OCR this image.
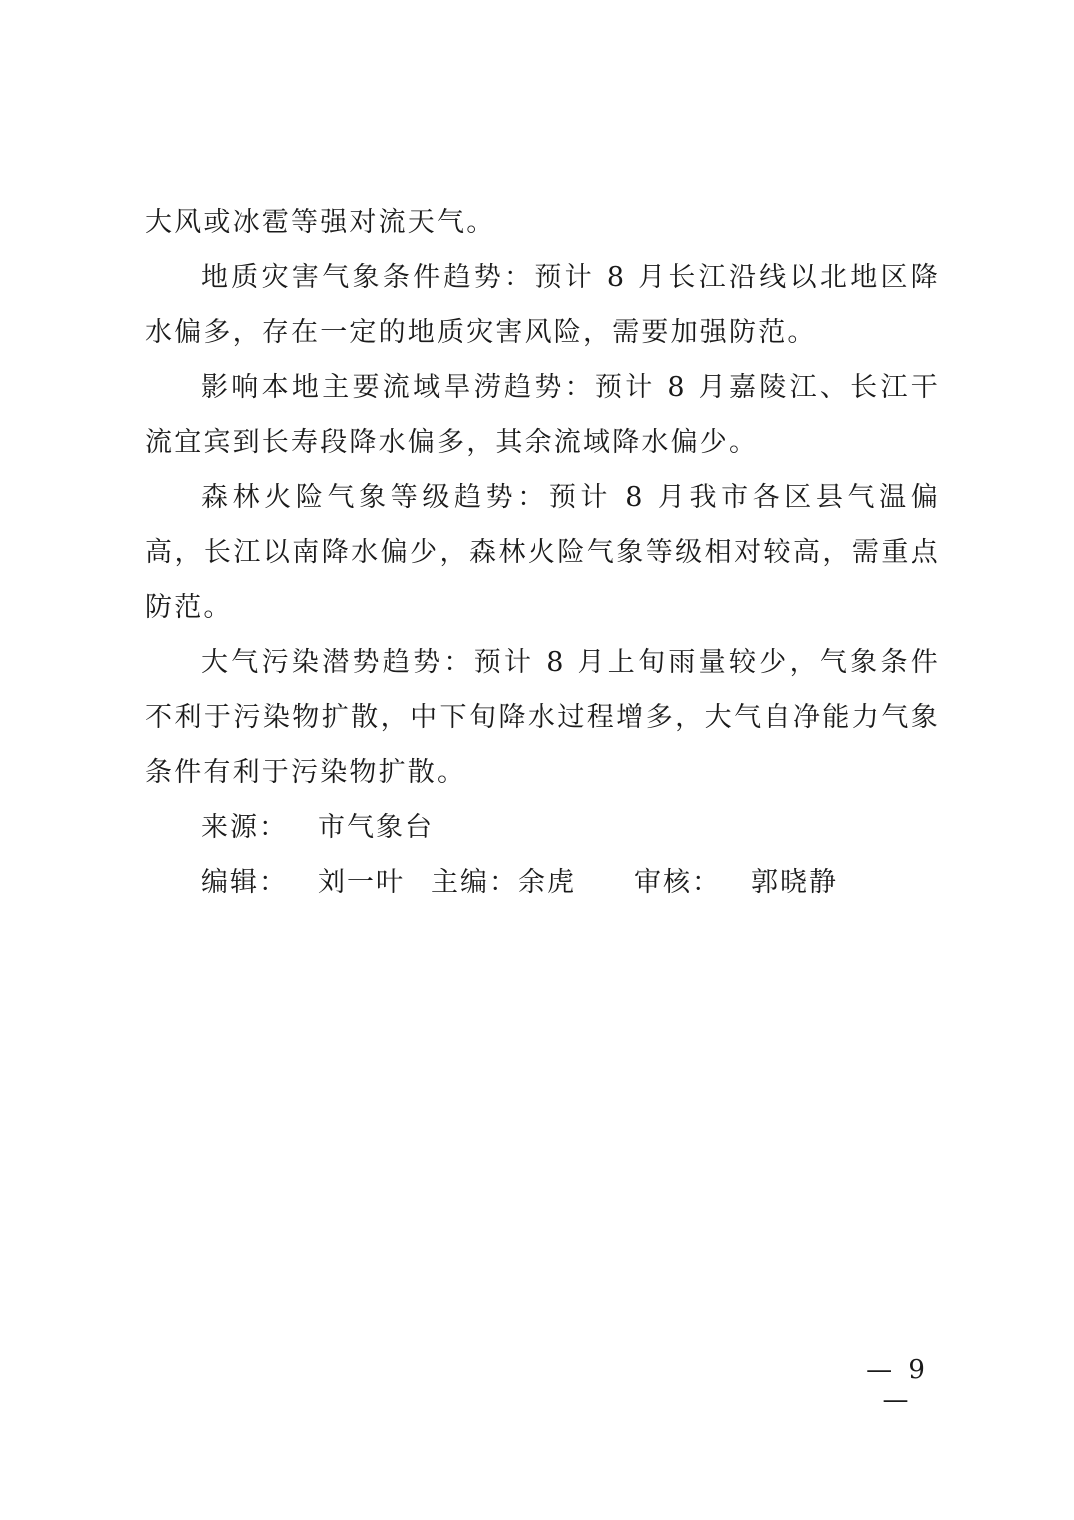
大风或冰雹等强对流天气。

地质灾害气象条件趋势：预计 8 月长江沿线以北地区降水偏多，存在一定的地质灾害风险，需要加强防范。

影响本地主要流域旱涝趋势：预计 8 月嘉陵江、长江干流宜宾到长寿段降水偏多，其余流域降水偏少。

森林火险气象等级趋势：预计 8 月我市各区县气温偏高，长江以南降水偏少，森林火险气象等级相对较高，需重点防范。

大气污染潜势趋势：预计 8 月上旬雨量较少，气象条件不利于污染物扩散，中下旬降水过程增多，大气自净能力气象条件有利于污染物扩散。

来源： 市气象台

编辑： 刘一叶 主编：余虎 审核： 郭晓静

— 9 —
